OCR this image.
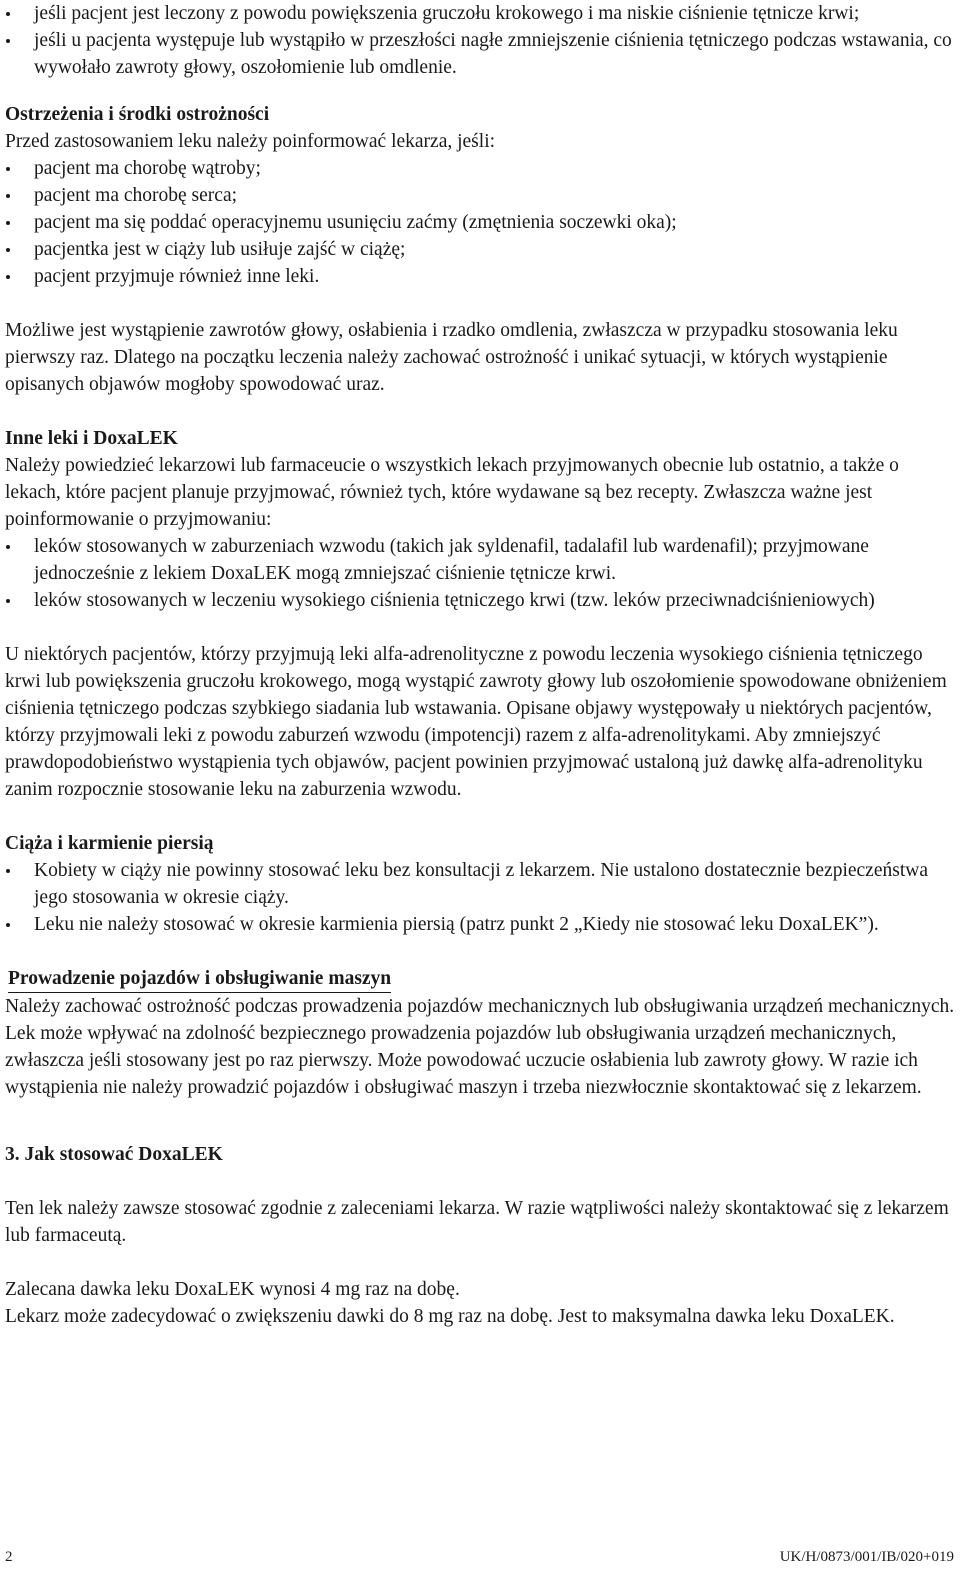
jeśli pacjent jest leczony z powodu powiększenia gruczołu krokowego i ma niskie ciśnienie tętnicze krwi;
jeśli u pacjenta występuje lub wystąpiło w przeszłości nagłe zmniejszenie ciśnienia tętniczego podczas wstawania, co wywołało zawroty głowy, oszołomienie lub omdlenie.

Ostrzeżenia i środki ostrożności

Przed zastosowaniem leku należy poinformować lekarza, jeśli:

pacjent ma chorobę wątroby;
pacjent ma chorobę serca;
pacjent ma się poddać operacyjnemu usunięciu zaćmy (zmętnienia soczewki oka);
pacjentka jest w ciąży lub usiłuje zajść w ciążę;
pacjent przyjmuje również inne leki.

Możliwe jest wystąpienie zawrotów głowy, osłabienia i rzadko omdlenia, zwłaszcza w przypadku stosowania leku pierwszy raz. Dlatego na początku leczenia należy zachować ostrożność i unikać sytuacji, w których wystąpienie opisanych objawów mogłoby spowodować uraz.

Inne leki i DoxaLEK

Należy powiedzieć lekarzowi lub farmaceucie o wszystkich lekach przyjmowanych obecnie lub ostatnio, a także o lekach, które pacjent planuje przyjmować, również tych, które wydawane są bez recepty. Zwłaszcza ważne jest poinformowanie o przyjmowaniu:

leków stosowanych w zaburzeniach wzwodu (takich jak syldenafil, tadalafil lub wardenafil); przyjmowane jednocześnie z lekiem DoxaLEK mogą zmniejszać ciśnienie tętnicze krwi.
leków stosowanych w leczeniu wysokiego ciśnienia tętniczego krwi (tzw. leków przeciwnadciśnieniowych)

U niektórych pacjentów, którzy przyjmują leki alfa-adrenolityczne z powodu leczenia wysokiego ciśnienia tętniczego krwi lub powiększenia gruczołu krokowego, mogą wystąpić zawroty głowy lub oszołomienie spowodowane obniżeniem ciśnienia tętniczego podczas szybkiego siadania lub wstawania. Opisane objawy występowały u niektórych pacjentów, którzy przyjmowali leki z powodu zaburzeń wzwodu (impotencji) razem z alfa-adrenolitykami. Aby zmniejszyć prawdopodobieństwo wystąpienia tych objawów, pacjent powinien przyjmować ustaloną już dawkę alfa-adrenolityku zanim rozpocznie stosowanie leku na zaburzenia wzwodu.

Ciąża i karmienie piersią

Kobiety w ciąży nie powinny stosować leku bez konsultacji z lekarzem. Nie ustalono dostatecznie bezpieczeństwa jego stosowania w okresie ciąży.
Leku nie należy stosować w okresie karmienia piersią (patrz punkt 2 „Kiedy nie stosować leku DoxaLEK”).
Prowadzenie pojazdów i obsługiwanie maszyn

Należy zachować ostrożność podczas prowadzenia pojazdów mechanicznych lub obsługiwania urządzeń mechanicznych. Lek może wpływać na zdolność bezpiecznego prowadzenia pojazdów lub obsługiwania urządzeń mechanicznych, zwłaszcza jeśli stosowany jest po raz pierwszy. Może powodować uczucie osłabienia lub zawroty głowy. W razie ich wystąpienia nie należy prowadzić pojazdów i obsługiwać maszyn i trzeba niezwłocznie skontaktować się z lekarzem.

3. Jak stosować DoxaLEK

Ten lek należy zawsze stosować zgodnie z zaleceniami lekarza. W razie wątpliwości należy skontaktować się z lekarzem lub farmaceutą.

Zalecana dawka leku DoxaLEK wynosi 4 mg raz na dobę.

Lekarz może zadecydować o zwiększeniu dawki do 8 mg raz na dobę. Jest to maksymalna dawka leku DoxaLEK.

2	UK/H/0873/001/IB/020+019
